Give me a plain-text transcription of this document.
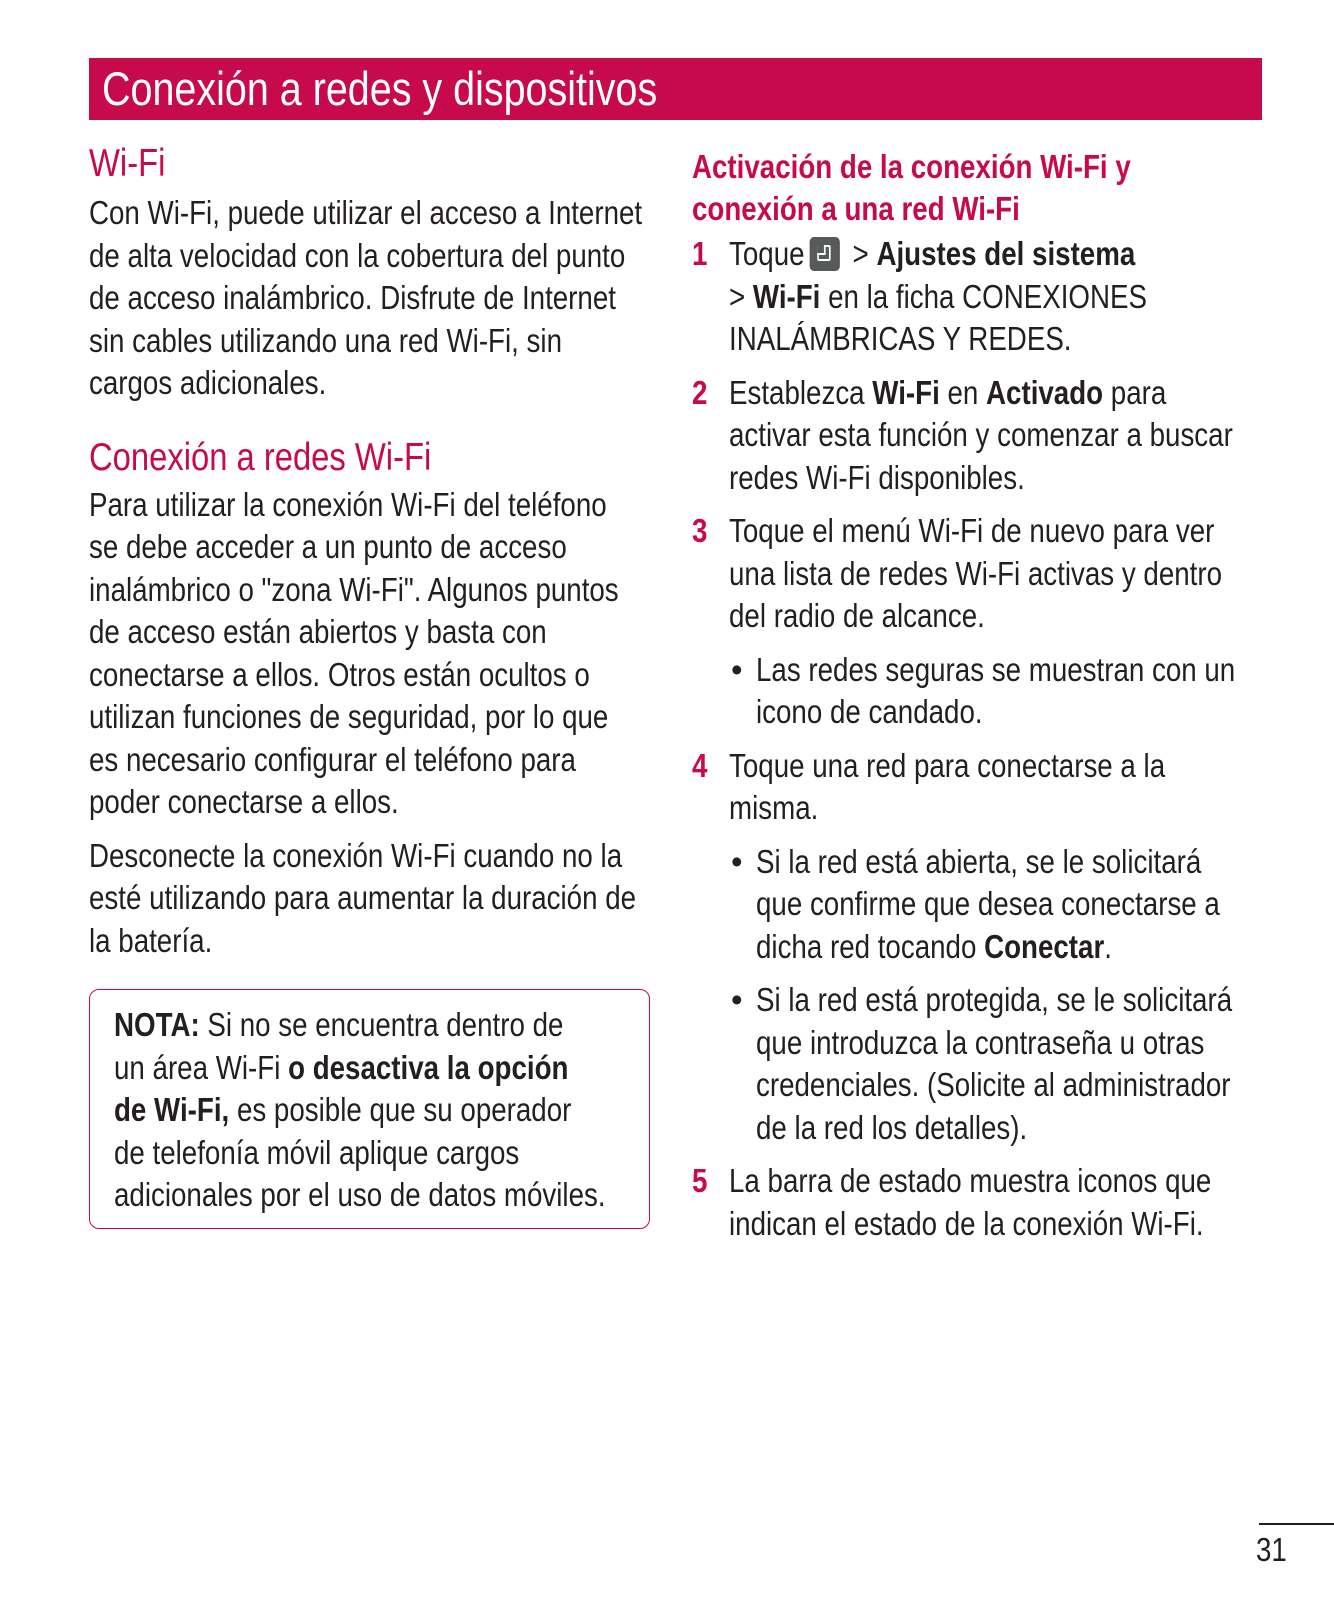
Conexión a redes y dispositivos
Wi-Fi
Con Wi-Fi, puede utilizar el acceso a Internet
de alta velocidad con la cobertura del punto
de acceso inalámbrico. Disfrute de Internet
sin cables utilizando una red Wi-Fi, sin
cargos adicionales.
Conexión a redes Wi-Fi
Para utilizar la conexión Wi-Fi del teléfono
se debe acceder a un punto de acceso
inalámbrico o "zona Wi-Fi". Algunos puntos
de acceso están abiertos y basta con
conectarse a ellos. Otros están ocultos o
utilizan funciones de seguridad, por lo que
es necesario configurar el teléfono para
poder conectarse a ellos.
Desconecte la conexión Wi-Fi cuando no la
esté utilizando para aumentar la duración de
la batería.
NOTA: Si no se encuentra dentro de
un área Wi-Fi o desactiva la opción
de Wi-Fi, es posible que su operador
de telefonía móvil aplique cargos
adicionales por el uso de datos móviles.
Activación de la conexión Wi-Fi y
conexión a una red Wi-Fi
1 Toque > Ajustes del sistema
> Wi-Fi en la ficha CONEXIONES
INALÁMBRICAS Y REDES.
2 Establezca Wi-Fi en Activado para
activar esta función y comenzar a buscar
redes Wi-Fi disponibles.
3 Toque el menú Wi-Fi de nuevo para ver
una lista de redes Wi-Fi activas y dentro
del radio de alcance.
• Las redes seguras se muestran con un
icono de candado.
4 Toque una red para conectarse a la
misma.
• Si la red está abierta, se le solicitará
que confirme que desea conectarse a
dicha red tocando Conectar.
• Si la red está protegida, se le solicitará
que introduzca la contraseña u otras
credenciales. (Solicite al administrador
de la red los detalles).
5 La barra de estado muestra iconos que
indican el estado de la conexión Wi-Fi.
31
